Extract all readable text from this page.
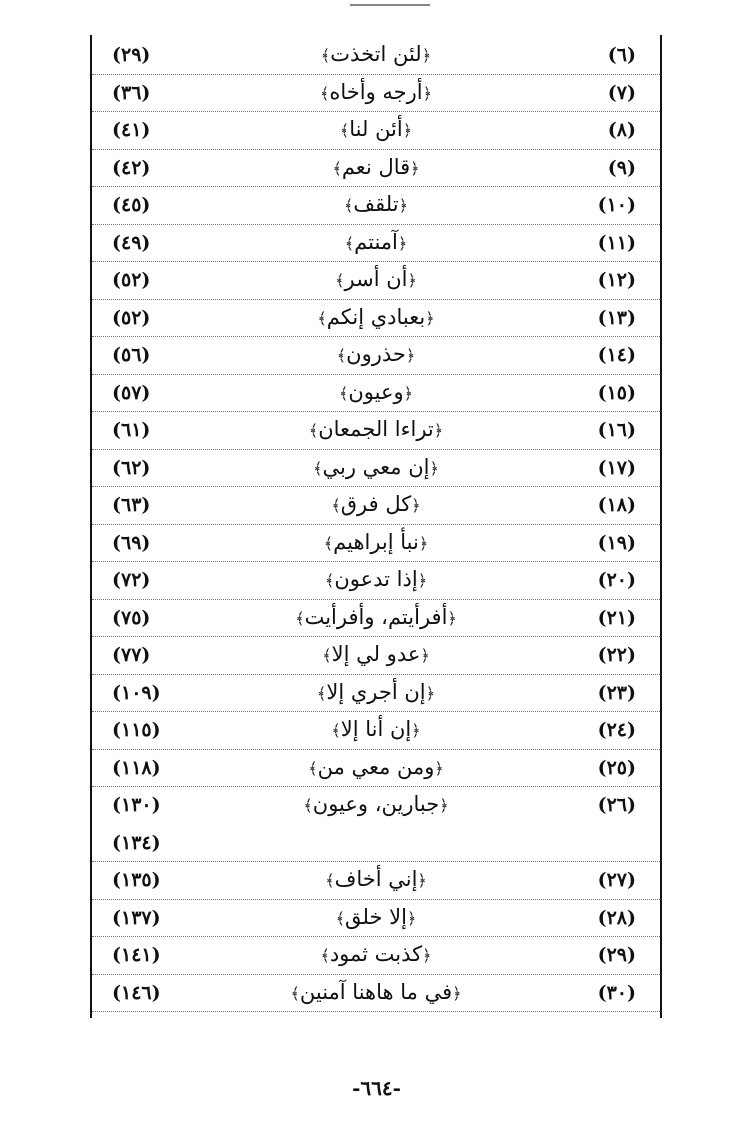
(٦)
﴿لئن اتخذت﴾
(٢٩)
(٧)
﴿أرجه وأخاه﴾
(٣٦)
(٨)
﴿أئن لنا﴾
(٤١)
(٩)
﴿قال نعم﴾
(٤٢)
(١٠)
﴿تلقف﴾
(٤٥)
(١١)
﴿آمنتم﴾
(٤٩)
(١٢)
﴿أن أسر﴾
(٥٢)
(١٣)
﴿بعبادي إنكم﴾
(٥٢)
(١٤)
﴿حذرون﴾
(٥٦)
(١٥)
﴿وعيون﴾
(٥٧)
(١٦)
﴿تراءا الجمعان﴾
(٦١)
(١٧)
﴿إن معي ربي﴾
(٦٢)
(١٨)
﴿كل فرق﴾
(٦٣)
(١٩)
﴿نبأ إبراهيم﴾
(٦٩)
(٢٠)
﴿إذا تدعون﴾
(٧٢)
(٢١)
﴿أفرأيتم، وأفرأيت﴾
(٧٥)
(٢٢)
﴿عدو لي إلا﴾
(٧٧)
(٢٣)
﴿إن أجري إلا﴾
(١٠٩)
(٢٤)
﴿إن أنا إلا﴾
(١١٥)
(٢٥)
﴿ومن معي من﴾
(١١٨)
(٢٦)
﴿جبارين، وعيون﴾
(١٣٠)
(١٣٤)
(٢٧)
﴿إني أخاف﴾
(١٣٥)
(٢٨)
﴿إلا خلق﴾
(١٣٧)
(٢٩)
﴿كذبت ثمود﴾
(١٤١)
(٣٠)
﴿في ما هاهنا آمنين﴾
(١٤٦)
-٦٦٤-
